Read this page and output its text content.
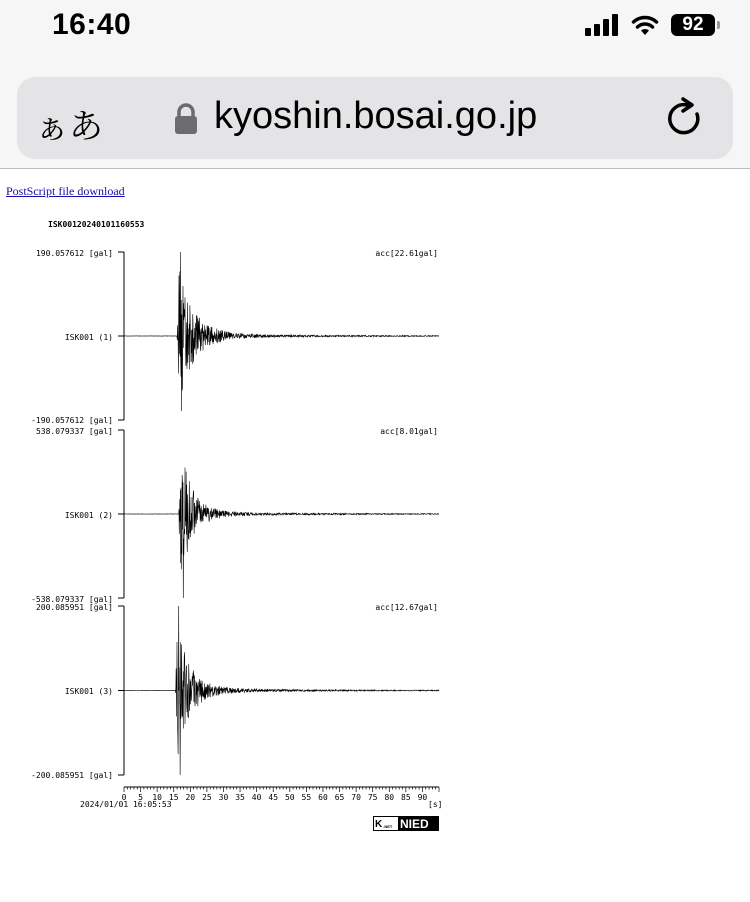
16:40	92
ぁあ	kyoshin.bosai.go.jp
PostScript file download
ISK00120240101160553
190.057612 [gal]	acc[22.61gal]
ISK001 (1)
-190.057612 [gal]
538.079337 [gal]	acc[8.01gal]
ISK001 (2)
-538.079337 [gal]
200.085951 [gal]	acc[12.67gal]
ISK001 (3)
-200.085951 [gal]
0 5 10 15 20 25 30 35 40 45 50 55 60 65 70 75 80 85 90
2024/01/01 16:05:53	[s]
K -NET NIED
